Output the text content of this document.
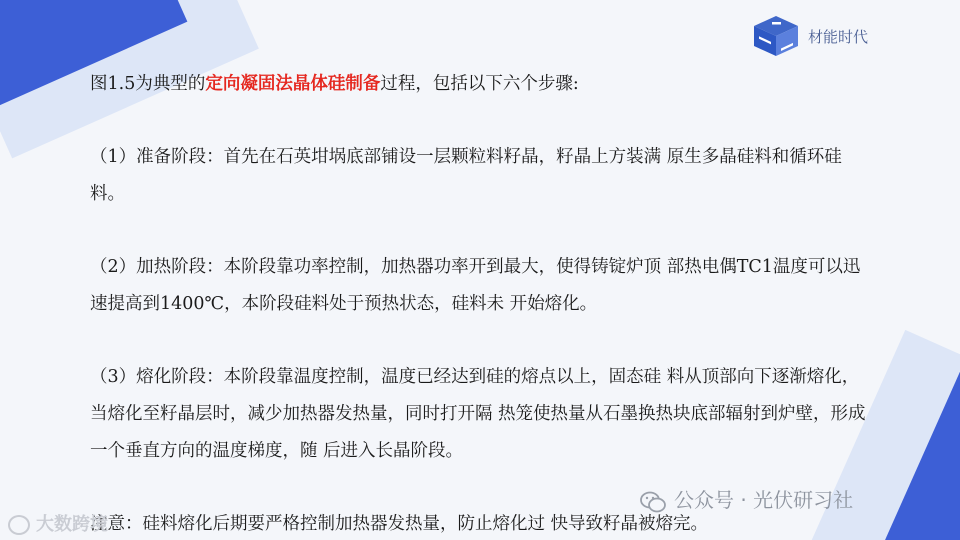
材能时代

图1.5为典型的定向凝固法晶体硅制备过程，包括以下六个步骤:

（1）准备阶段：首先在石英坩埚底部铺设一层颗粒料籽晶，籽晶上方装满 原生多晶硅料和循环硅料。

（2）加热阶段：本阶段靠功率控制，加热器功率开到最大，使得铸锭炉顶 部热电偶TC1温度可以迅速提高到1400℃，本阶段硅料处于预热状态，硅料未 开始熔化。

（3）熔化阶段：本阶段靠温度控制，温度已经达到硅的熔点以上，固态硅 料从顶部向下逐渐熔化，当熔化至籽晶层时，减少加热器发热量，同时打开隔 热笼使热量从石墨换热块底部辐射到炉壁，形成一个垂直方向的温度梯度，随 后进入长晶阶段。

注意：硅料熔化后期要严格控制加热器发热量，防止熔化过 快导致籽晶被熔完。

大数跨境
公众号 · 光伏研习社
